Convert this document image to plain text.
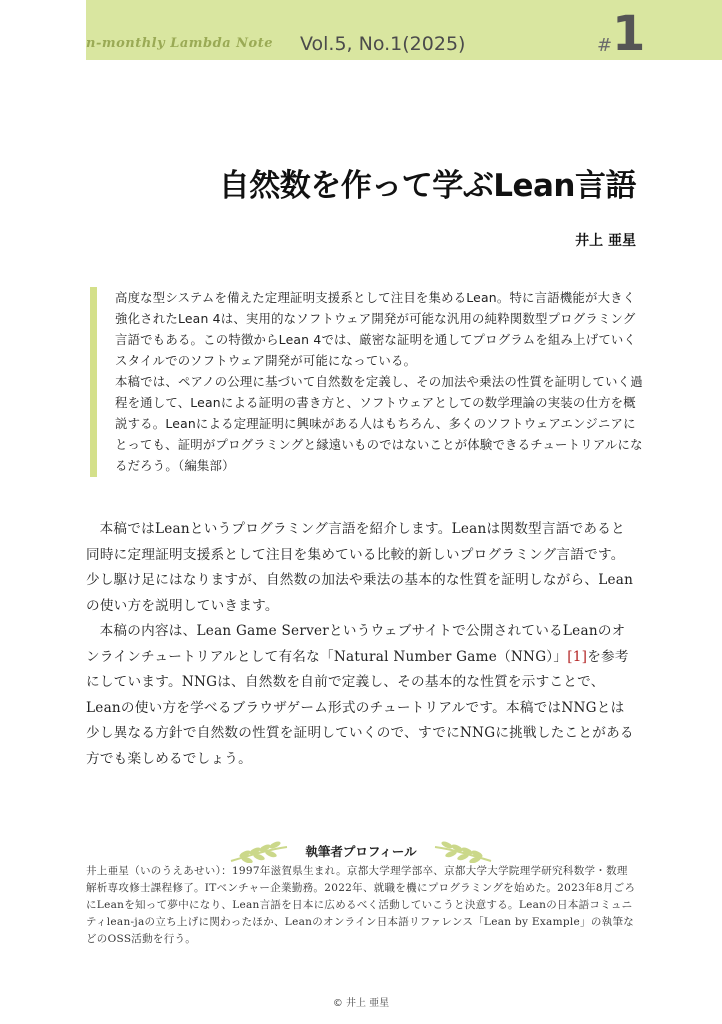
n-monthly Lambda Note Vol.5, No.1(2025)	# 1
自然数を作って学ぶLean言語
井上 亜星

高度な型システムを備えた定理証明支援系として注目を集めるLean。特に言語機能が大きく強化されたLean 4は、実用的なソフトウェア開発が可能な汎用の純粋関数型プログラミング言語でもある。この特徴からLean 4では、厳密な証明を通してプログラムを組み上げていくスタイルでのソフトウェア開発が可能になっている。

本稿では、ペアノの公理に基づいて自然数を定義し、その加法や乗法の性質を証明していく過程を通して、Leanによる証明の書き方と、ソフトウェアとしての数学理論の実装の仕方を概説する。Leanによる定理証明に興味がある人はもちろん、多くのソフトウェアエンジニアにとっても、証明がプログラミングと縁遠いものではないことが体験できるチュートリアルになるだろう。（編集部）

本稿ではLeanというプログラミング言語を紹介します。Leanは関数型言語であると同時に定理証明支援系として注目を集めている比較的新しいプログラミング言語です。少し駆け足にはなりますが、自然数の加法や乗法の基本的な性質を証明しながら、Leanの使い方を説明していきます。

本稿の内容は、Lean Game Serverというウェブサイトで公開されているLeanのオンラインチュートリアルとして有名な「Natural Number Game（NNG）」[1]を参考にしています。NNGは、自然数を自前で定義し、その基本的な性質を示すことで、Leanの使い方を学べるブラウザゲーム形式のチュートリアルです。本稿ではNNGとは少し異なる方針で自然数の性質を証明していくので、すでにNNGに挑戦したことがある方でも楽しめるでしょう。

執筆者プロフィール

井上亜星（いのうえあせい）：1997年滋賀県生まれ。京都大学理学部卒、京都大学大学院理学研究科数学・数理解析専攻修士課程修了。ITベンチャー企業勤務。2022年、就職を機にプログラミングを始めた。2023年8月ごろにLeanを知って夢中になり、Lean言語を日本に広めるべく活動していこうと決意する。Leanの日本語コミュニティlean-jaの立ち上げに関わったほか、Leanのオンライン日本語リファレンス「Lean by Example」の執筆などのOSS活動を行う。

© 井上 亜星
